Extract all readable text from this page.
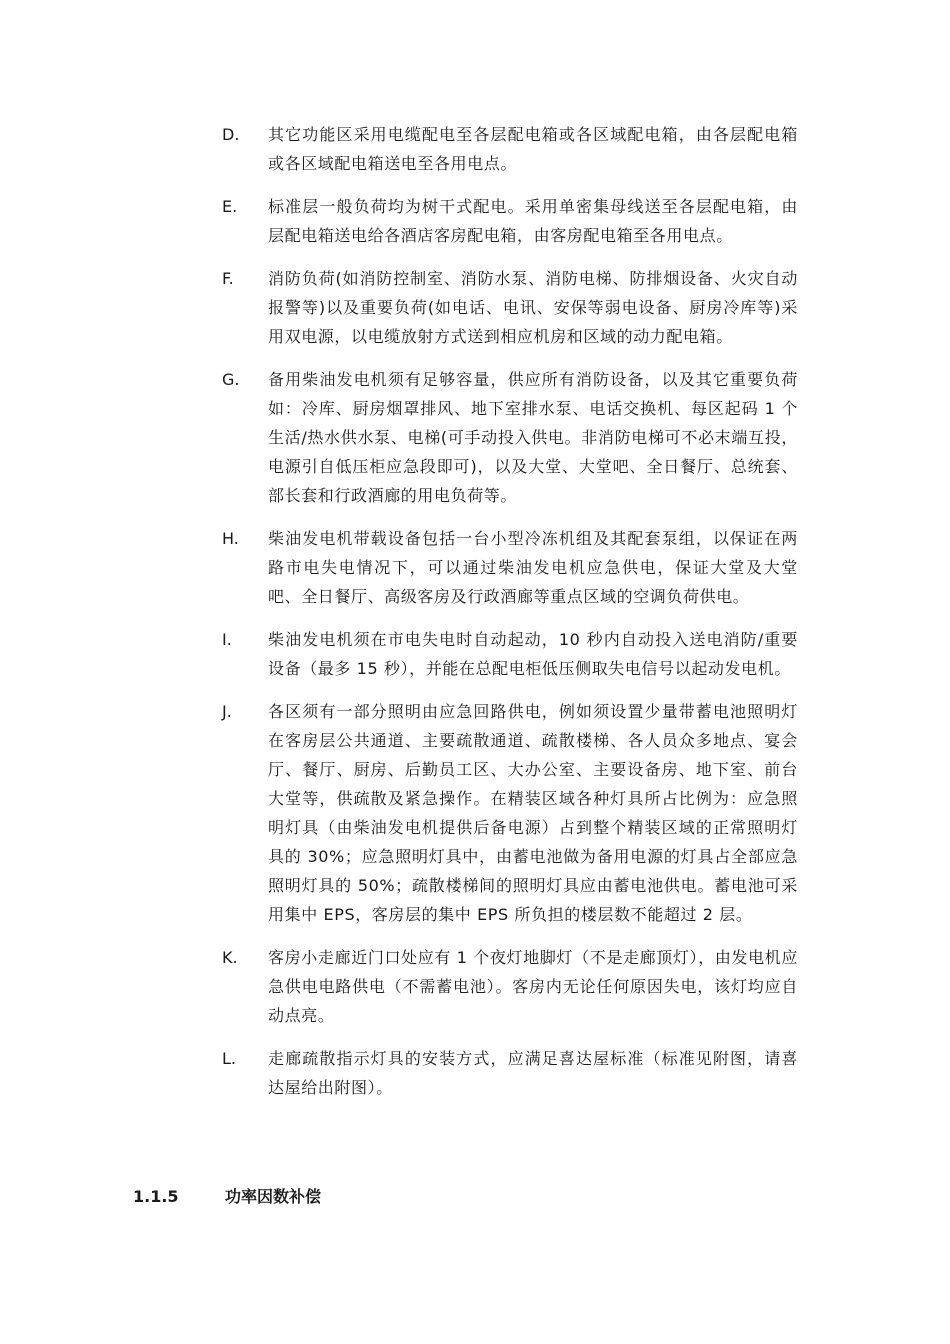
D.	其它功能区采用电缆配电至各层配电箱或各区域配电箱，由各层配电箱或各区域配电箱送电至各用电点。
E.	标准层一般负荷均为树干式配电。采用单密集母线送至各层配电箱，由层配电箱送电给各酒店客房配电箱，由客房配电箱至各用电点。
F.	消防负荷(如消防控制室、消防水泵、消防电梯、防排烟设备、火灾自动报警等)以及重要负荷(如电话、电讯、安保等弱电设备、厨房冷库等)采用双电源，以电缆放射方式送到相应机房和区域的动力配电箱。
G.	备用柴油发电机须有足够容量，供应所有消防设备，以及其它重要负荷如：冷库、厨房烟罩排风、地下室排水泵、电话交换机、每区起码 1 个生活/热水供水泵、电梯(可手动投入供电。非消防电梯可不必末端互投，电源引自低压柜应急段即可)，以及大堂、大堂吧、全日餐厅、总统套、部长套和行政酒廊的用电负荷等。
H.	柴油发电机带载设备包括一台小型冷冻机组及其配套泵组，以保证在两路市电失电情况下，可以通过柴油发电机应急供电，保证大堂及大堂吧、全日餐厅、高级客房及行政酒廊等重点区域的空调负荷供电。
I.	柴油发电机须在市电失电时自动起动，10 秒内自动投入送电消防/重要设备（最多 15 秒），并能在总配电柜低压侧取失电信号以起动发电机。
J.	各区须有一部分照明由应急回路供电，例如须设置少量带蓄电池照明灯在客房层公共通道、主要疏散通道、疏散楼梯、各人员众多地点、宴会厅、餐厅、厨房、后勤员工区、大办公室、主要设备房、地下室、前台大堂等，供疏散及紧急操作。在精装区域各种灯具所占比例为：应急照明灯具（由柴油发电机提供后备电源）占到整个精装区域的正常照明灯具的 30%；应急照明灯具中，由蓄电池做为备用电源的灯具占全部应急照明灯具的 50%；疏散楼梯间的照明灯具应由蓄电池供电。蓄电池可采用集中 EPS，客房层的集中 EPS 所负担的楼层数不能超过 2 层。
K.	客房小走廊近门口处应有 1 个夜灯地脚灯（不是走廊顶灯），由发电机应急供电电路供电（不需蓄电池）。客房内无论任何原因失电，该灯均应自动点亮。
L.	走廊疏散指示灯具的安装方式，应满足喜达屋标准（标准见附图，请喜达屋给出附图）。
1.1.5	功率因数补偿
